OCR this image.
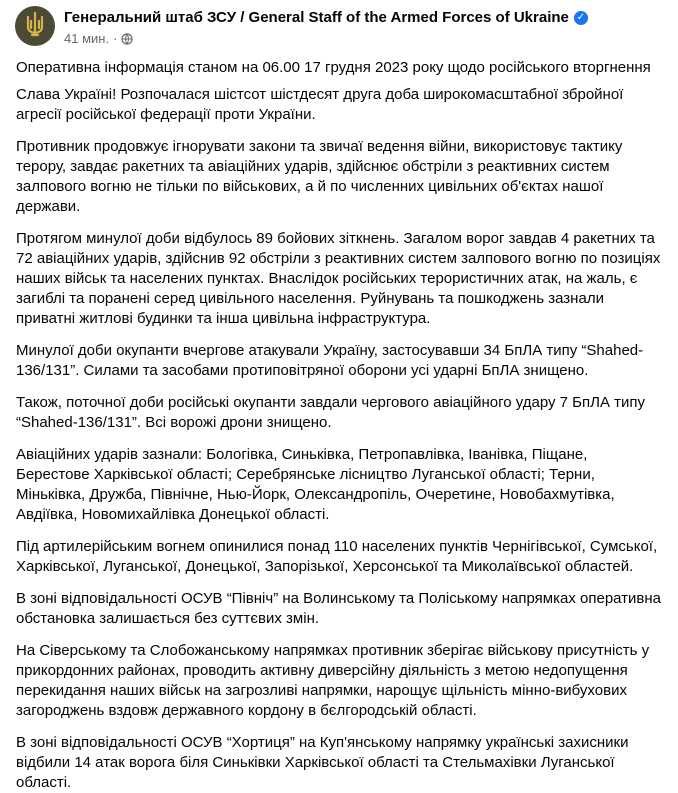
Генеральний штаб ЗСУ / General Staff of the Armed Forces of Ukraine ✓
41 мин. ·

Оперативна інформація станом на 06.00 17 грудня 2023 року щодо російського вторгнення

Слава Україні! Розпочалася шістсот шістдесят друга доба широкомасштабної збройної агресії російської федерації проти України.

Противник продовжує ігнорувати закони та звичаї ведення війни, використовує тактику терору, завдає ракетних та авіаційних ударів, здійснює обстріли з реактивних систем залпового вогню не тільки по військових, а й по численних цивільних об'єктах нашої держави.

Протягом минулої доби відбулось 89 бойових зіткнень. Загалом ворог завдав 4 ракетних та 72 авіаційних ударів, здійснив 92 обстріли з реактивних систем залпового вогню по позиціях наших військ та населених пунктах. Внаслідок російських терористичних атак, на жаль, є загиблі та поранені серед цивільного населення. Руйнувань та пошкоджень зазнали приватні житлові будинки та інша цивільна інфраструктура.

Минулої доби окупанти вчергове атакували Україну, застосувавши 34 БпЛА типу “Shahed-136/131”. Силами та засобами протиповітряної оборони усі ударні БпЛА знищено.

Також, поточної доби російські окупанти завдали чергового авіаційного удару 7 БпЛА типу “Shahed-136/131”. Всі ворожі дрони знищено.

Авіаційних ударів зазнали: Бологівка, Синьківка, Петропавлівка, Іванівка, Піщане, Берестове Харківської області; Серебрянське лісництво Луганської області; Терни, Міньківка, Дружба, Північне, Нью-Йорк, Олександропіль, Очеретине, Новобахмутівка, Авдіївка, Новомихайлівка Донецької області.

Під артилерійським вогнем опинилися понад 110 населених пунктів Чернігівської, Сумської, Харківської, Луганської, Донецької, Запорізької, Херсонської та Миколаївської областей.

В зоні відповідальності ОСУВ “Північ” на Волинському та Поліському напрямках оперативна обстановка залишається без суттєвих змін.

На Сіверському та Слобожанському напрямках противник зберігає військову присутність у прикордонних районах, проводить активну диверсійну діяльність з метою недопущення перекидання наших військ на загрозливі напрямки, нарощує щільність мінно-вибухових загороджень вздовж державного кордону в бєлгородській області.

В зоні відповідальності ОСУВ “Хортиця” на Куп'янському напрямку українські захисники відбили 14 атак ворога біля Синьківки Харківської області та Стельмахівки Луганської області.
